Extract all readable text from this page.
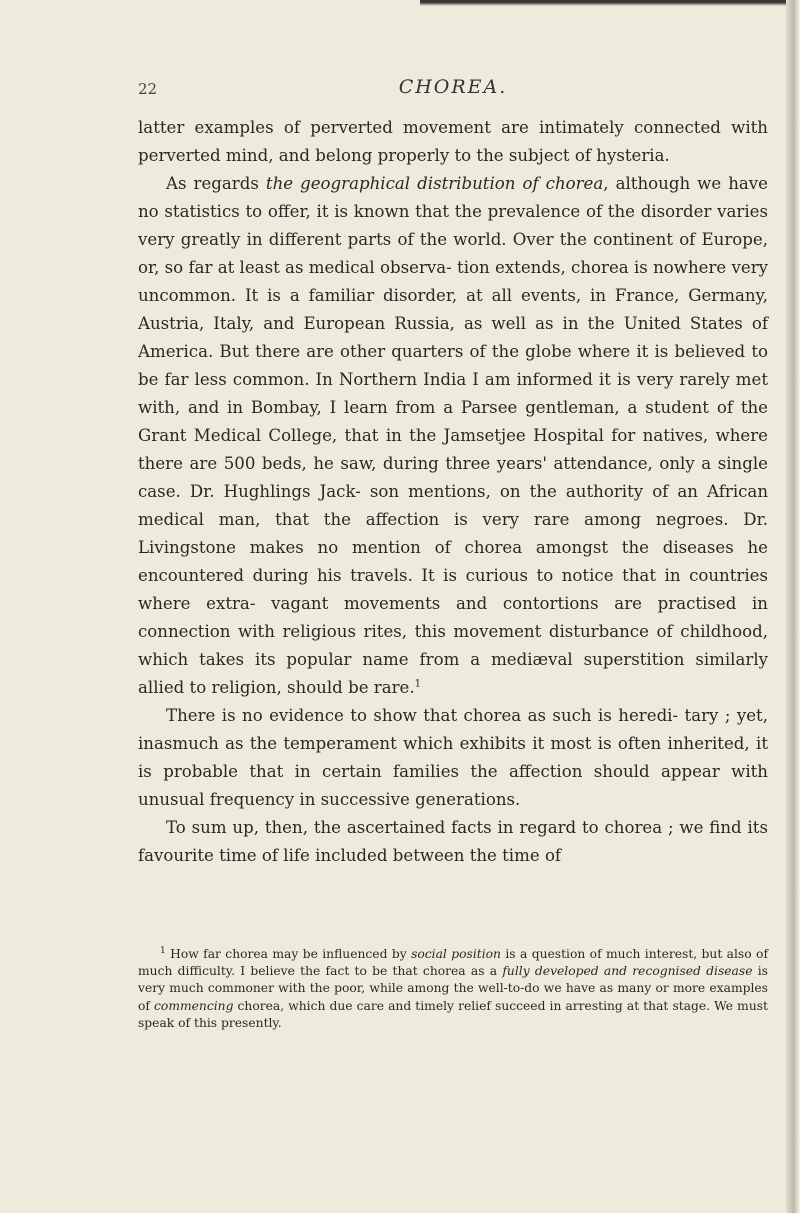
22	CHOREA.

latter examples of perverted movement are intimately connected with perverted mind, and belong properly to the subject of hysteria.

As regards the geographical distribution of chorea, although we have no statistics to offer, it is known that the prevalence of the disorder varies very greatly in different parts of the world. Over the continent of Europe, or, so far at least as medical observa- tion extends, chorea is nowhere very uncommon. It is a familiar disorder, at all events, in France, Germany, Austria, Italy, and European Russia, as well as in the United States of America. But there are other quarters of the globe where it is believed to be far less common. In Northern India I am informed it is very rarely met with, and in Bombay, I learn from a Parsee gentleman, a student of the Grant Medical College, that in the Jamsetjee Hospital for natives, where there are 500 beds, he saw, during three years' attendance, only a single case. Dr. Hughlings Jack- son mentions, on the authority of an African medical man, that the affection is very rare among negroes. Dr. Livingstone makes no mention of chorea amongst the diseases he encountered during his travels. It is curious to notice that in countries where extra- vagant movements and contortions are practised in connection with religious rites, this movement disturbance of childhood, which takes its popular name from a mediæval superstition similarly allied to religion, should be rare.$^1$

There is no evidence to show that chorea as such is heredi- tary ; yet, inasmuch as the temperament which exhibits it most is often inherited, it is probable that in certain families the affection should appear with unusual frequency in successive generations.

To sum up, then, the ascertained facts in regard to chorea ; we find its favourite time of life included between the time of

$^1$ How far chorea may be influenced by social position is a question of much interest, but also of much difficulty. I believe the fact to be that chorea as a fully developed and recognised disease is very much commoner with the poor, while among the well-to-do we have as many or more examples of commencing chorea, which due care and timely relief succeed in arresting at that stage. We must speak of this presently.
